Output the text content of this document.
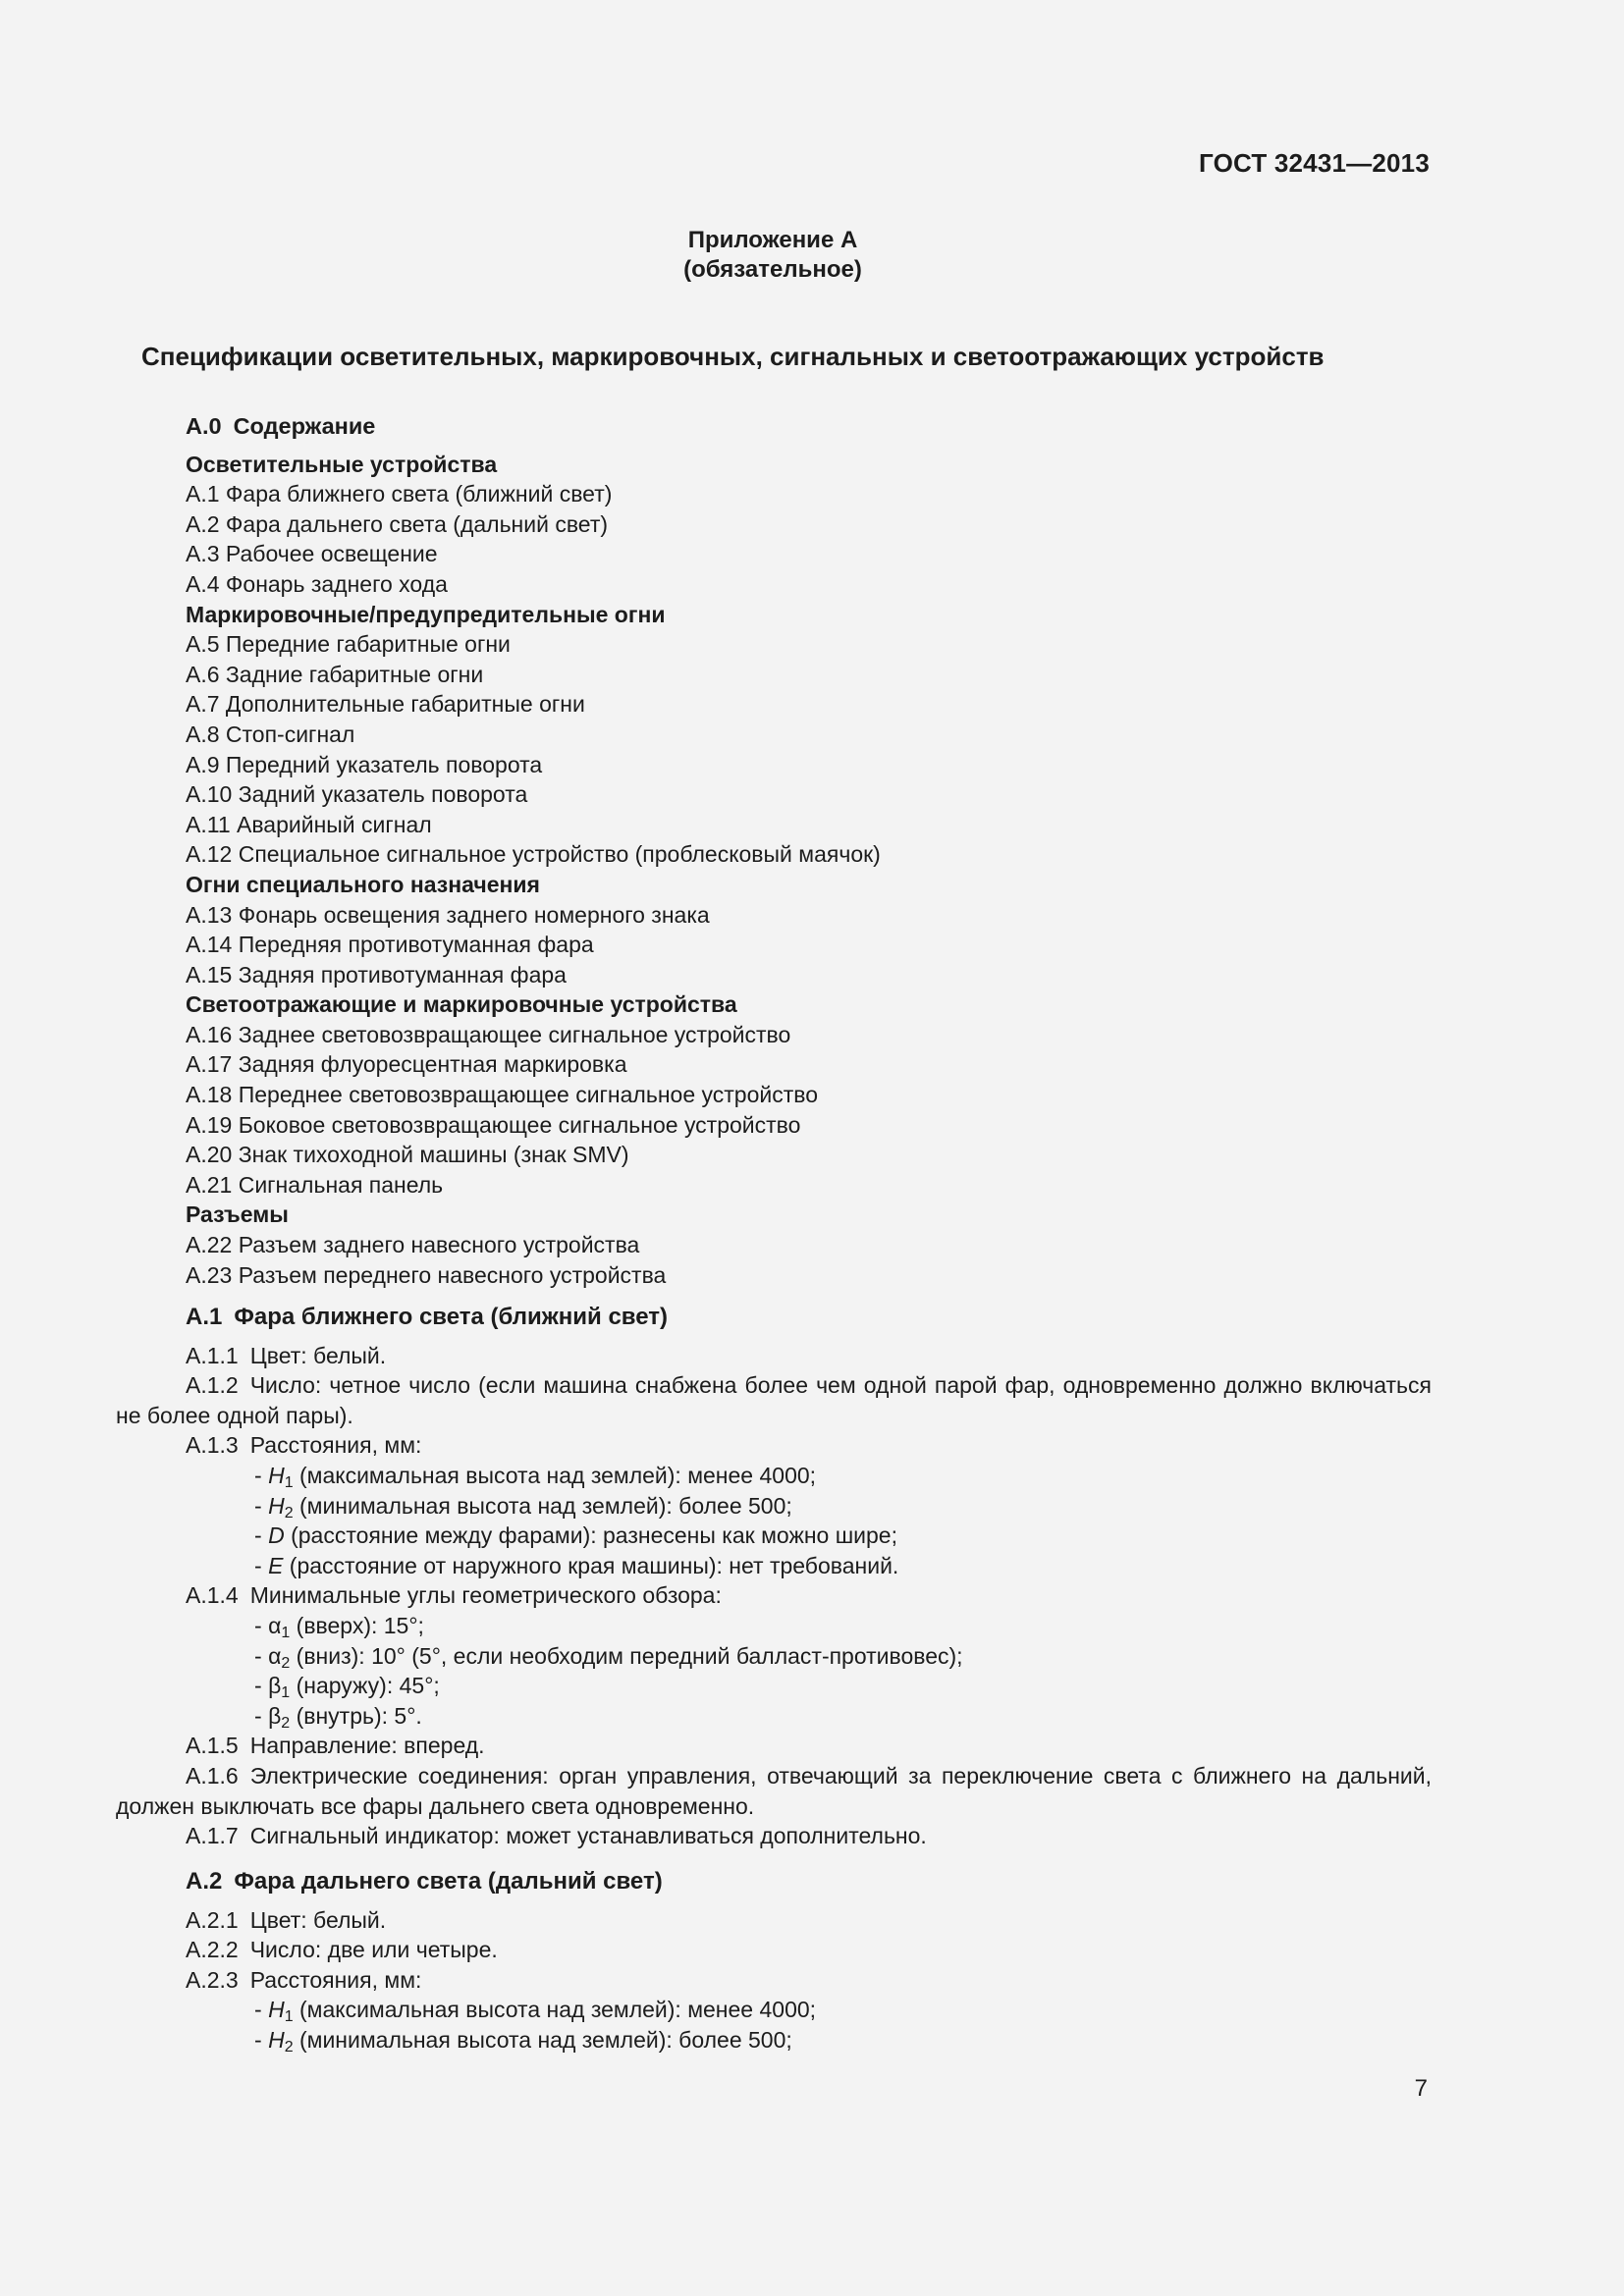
ГОСТ 32431—2013
Приложение А
(обязательное)
Спецификации осветительных, маркировочных, сигнальных и светоотражающих устройств
А.0 Содержание
Осветительные устройства
А.1 Фара ближнего света (ближний свет)
А.2 Фара дальнего света (дальний свет)
А.3 Рабочее освещение
А.4 Фонарь заднего хода
Маркировочные/предупредительные огни
А.5 Передние габаритные огни
А.6 Задние габаритные огни
А.7 Дополнительные габаритные огни
А.8 Стоп-сигнал
А.9 Передний указатель поворота
А.10 Задний указатель поворота
А.11 Аварийный сигнал
А.12 Специальное сигнальное устройство (проблесковый маячок)
Огни специального назначения
А.13 Фонарь освещения заднего номерного знака
А.14 Передняя противотуманная фара
А.15 Задняя противотуманная фара
Светоотражающие и маркировочные устройства
А.16 Заднее световозвращающее сигнальное устройство
А.17 Задняя флуоресцентная маркировка
А.18 Переднее световозвращающее сигнальное устройство
А.19 Боковое световозвращающее сигнальное устройство
А.20 Знак тихоходной машины (знак SMV)
А.21 Сигнальная панель
Разъемы
А.22 Разъем заднего навесного устройства
А.23 Разъем переднего навесного устройства
А.1 Фара ближнего света (ближний свет)
А.1.1 Цвет: белый.
А.1.2 Число: четное число (если машина снабжена более чем одной парой фар, одновременно должно включаться не более одной пары).
А.1.3 Расстояния, мм:
- $H_1$ (максимальная высота над землей): менее 4000;
- $H_2$ (минимальная высота над землей): более 500;
- D (расстояние между фарами): разнесены как можно шире;
- E (расстояние от наружного края машины): нет требований.
А.1.4 Минимальные углы геометрического обзора:
- $\alpha_1$ (вверх): 15°;
- $\alpha_2$ (вниз): 10° (5°, если необходим передний балласт-противовес);
- $\beta_1$ (наружу): 45°;
- $\beta_2$ (внутрь): 5°.
А.1.5 Направление: вперед.
А.1.6 Электрические соединения: орган управления, отвечающий за переключение света с ближнего на дальний, должен выключать все фары дальнего света одновременно.
А.1.7 Сигнальный индикатор: может устанавливаться дополнительно.
А.2 Фара дальнего света (дальний свет)
А.2.1 Цвет: белый.
А.2.2 Число: две или четыре.
А.2.3 Расстояния, мм:
- $H_1$ (максимальная высота над землей): менее 4000;
- $H_2$ (минимальная высота над землей): более 500;
7
